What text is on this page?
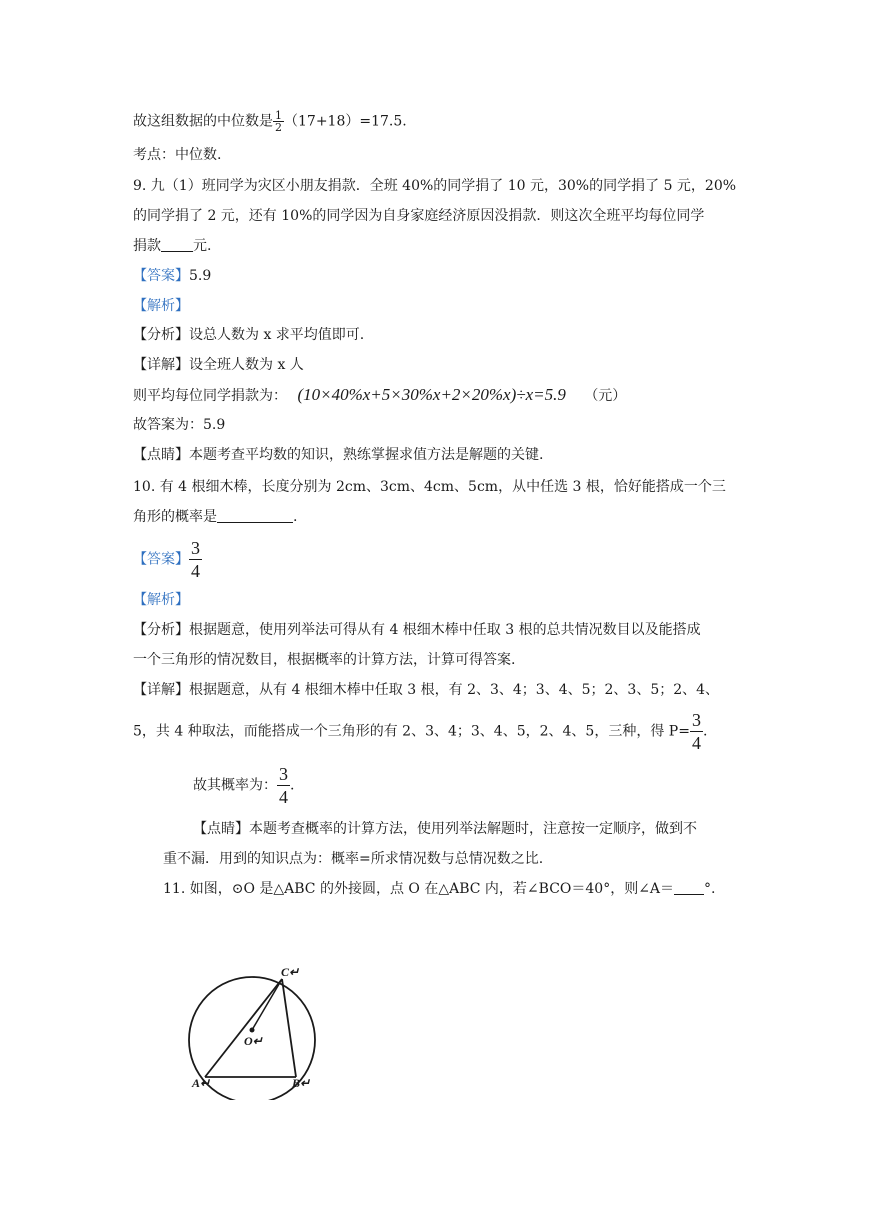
故这组数据的中位数是 $\frac{1}{2} (17+18)=17.5$.
考点：中位数.
9. 九（1）班同学为灾区小朋友捐款．全班 40%的同学捐了 10 元，30%的同学捐了 5 元，20%
的同学捐了 2 元，还有 10%的同学因为自身家庭经济原因没捐款．则这次全班平均每位同学
捐款 元.
【答案】5.9
【解析】
【分析】设总人数为 x 求平均值即可.
【详解】设全班人数为 x 人
则平均每位同学捐款为： (10×40%x+5×30%x+2×20%x)÷x=5.9 （元）
故答案为：5.9
【点睛】本题考查平均数的知识，熟练掌握求值方法是解题的关键.
10. 有 4 根细木棒，长度分别为 2cm、3cm、4cm、5cm，从中任选 3 根，恰好能搭成一个三
角形的概率是	.
【答案】 $\frac{3}{4}$
【解析】
【分析】根据题意，使用列举法可得从有 4 根细木棒中任取 3 根的总共情况数目以及能搭成
一个三角形的情况数目，根据概率的计算方法，计算可得答案.
【详解】根据题意，从有 4 根细木棒中任取 3 根，有 2、3、4；3、4、5；2、3、5；2、4、
5，共 4 种取法，而能搭成一个三角形的有 2、3、4；3、4、5，2、4、5，三种，得 $P= \frac{3}{4}$ .
故其概率为： $\frac{3}{4}$ .
【点睛】本题考查概率的计算方法，使用列举法解题时，注意按一定顺序，做到不
重不漏．用到的知识点为：概率=所求情况数与总情况数之比.
11. 如图，⊙O 是△ABC 的外接圆，点 O 在△ABC 内，若∠BCO＝40°，则∠A＝ °.
C↵
O↵
A↵	B↵
